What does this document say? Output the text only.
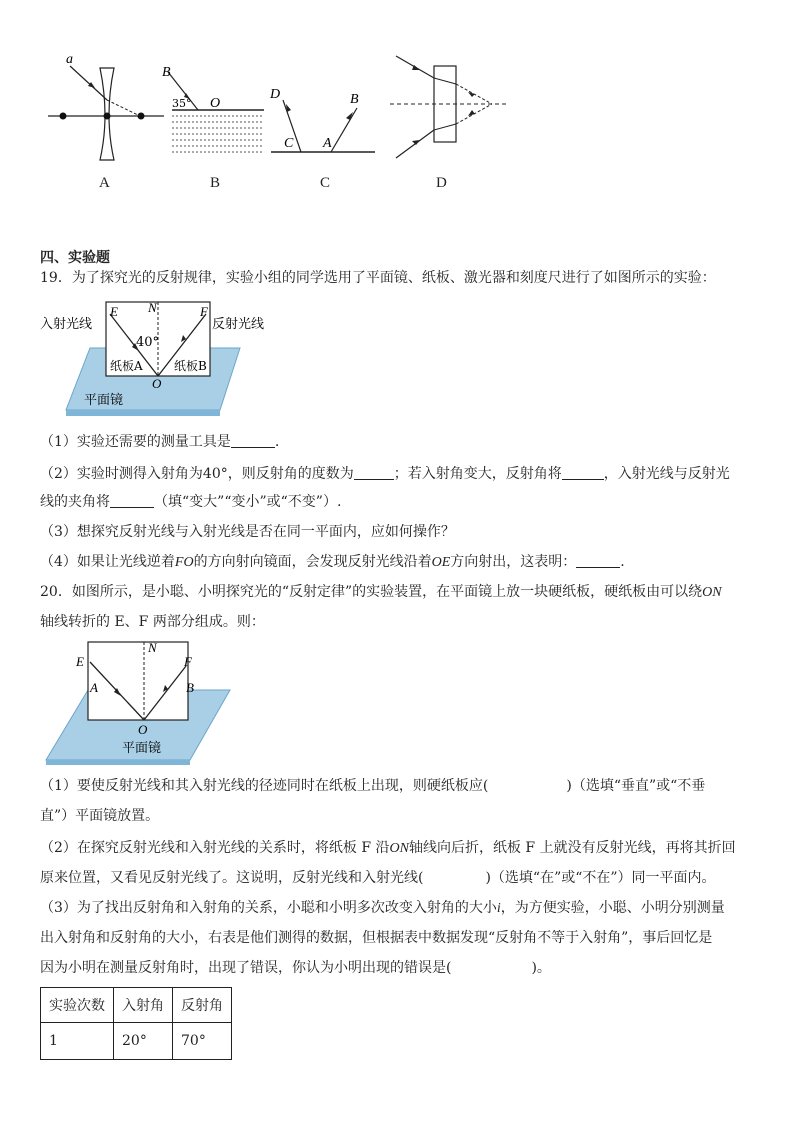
a
B
35° O
D	B
C A
A	B	C	D
四、实验题
19．为了探究光的反射规律，实验小组的同学选用了平面镜、纸板、激光器和刻度尺进行了如图所示的实验：
入射光线	反射光线
E N	F
40°
纸板A	纸板B
O
平面镜
（1）实验还需要的测量工具是	.
（2）实验时测得入射角为40°，则反射角的度数为	；若入射角变大，反射角将	，入射光线与反射光
线的夹角将	（填“变大”“变小”或“不变”）.
（3）想探究反射光线与入射光线是否在同一平面内，应如何操作？
（4）如果让光线逆着FO的方向射向镜面，会发现反射光线沿着OE方向射出，这表明：	.
20．如图所示，是小聪、小明探究光的“反射定律”的实验装置，在平面镜上放一块硬纸板，硬纸板由可以绕ON
轴线转折的 E、F 两部分组成。则：
E
N
F
A	B
O
平面镜
（1）要使反射光线和其入射光线的径迹同时在纸板上出现，则硬纸板应(	)（选填“垂直”或“不垂
直”）平面镜放置。
（2）在探究反射光线和入射光线的关系时，将纸板 F 沿ON轴线向后折，纸板 F 上就没有反射光线，再将其折回
原来位置，又看见反射光线了。这说明，反射光线和入射光线(	)（选填“在”或“不在”）同一平面内。
（3）为了找出反射角和入射角的关系，小聪和小明多次改变入射角的大小i，为方便实验，小聪、小明分别测量
出入射角和反射角的大小，右表是他们测得的数据，但根据表中数据发现“反射角不等于入射角”，事后回忆是
因为小明在测量反射角时，出现了错误，你认为小明出现的错误是(	)。
实验次数	入射角	反射角
1	20°	70°
